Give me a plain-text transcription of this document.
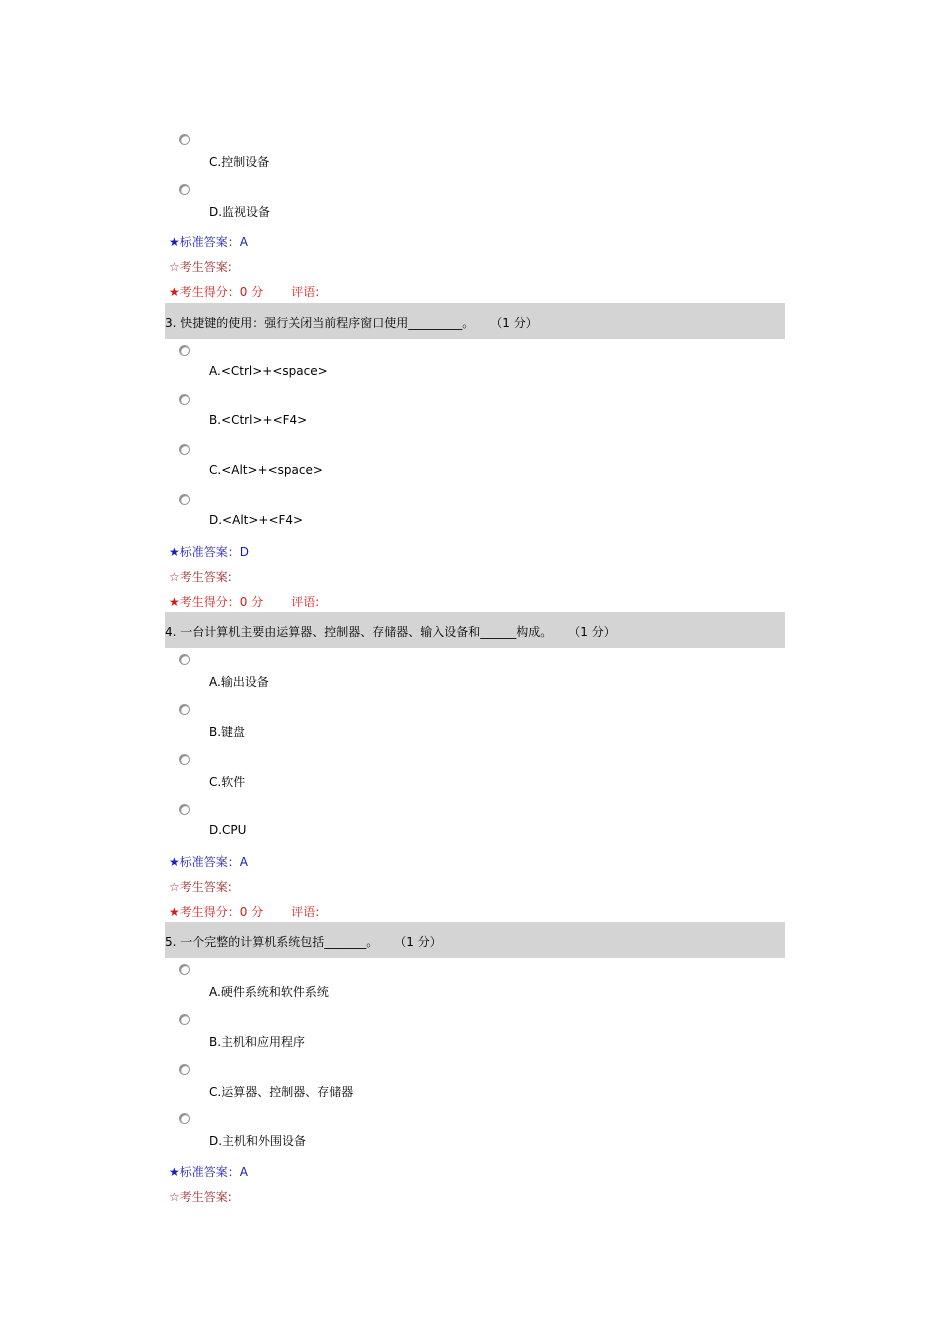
C.控制设备
D.监视设备
★标准答案：A
☆考生答案:
★考生得分：0 分 评语:
3. 快捷键的使用：强行关闭当前程序窗口使用_________。 （1 分）
A.<Ctrl>+<space>
B.<Ctrl>+<F4>
C.<Alt>+<space>
D.<Alt>+<F4>
★标准答案：D
☆考生答案:
★考生得分：0 分 评语:
4. 一台计算机主要由运算器、控制器、存储器、输入设备和______构成。 （1 分）
A.输出设备
B.键盘
C.软件
D.CPU
★标准答案：A
☆考生答案:
★考生得分：0 分 评语:
5. 一个完整的计算机系统包括_______。 （1 分）
A.硬件系统和软件系统
B.主机和应用程序
C.运算器、控制器、存储器
D.主机和外围设备
★标准答案：A
☆考生答案:
